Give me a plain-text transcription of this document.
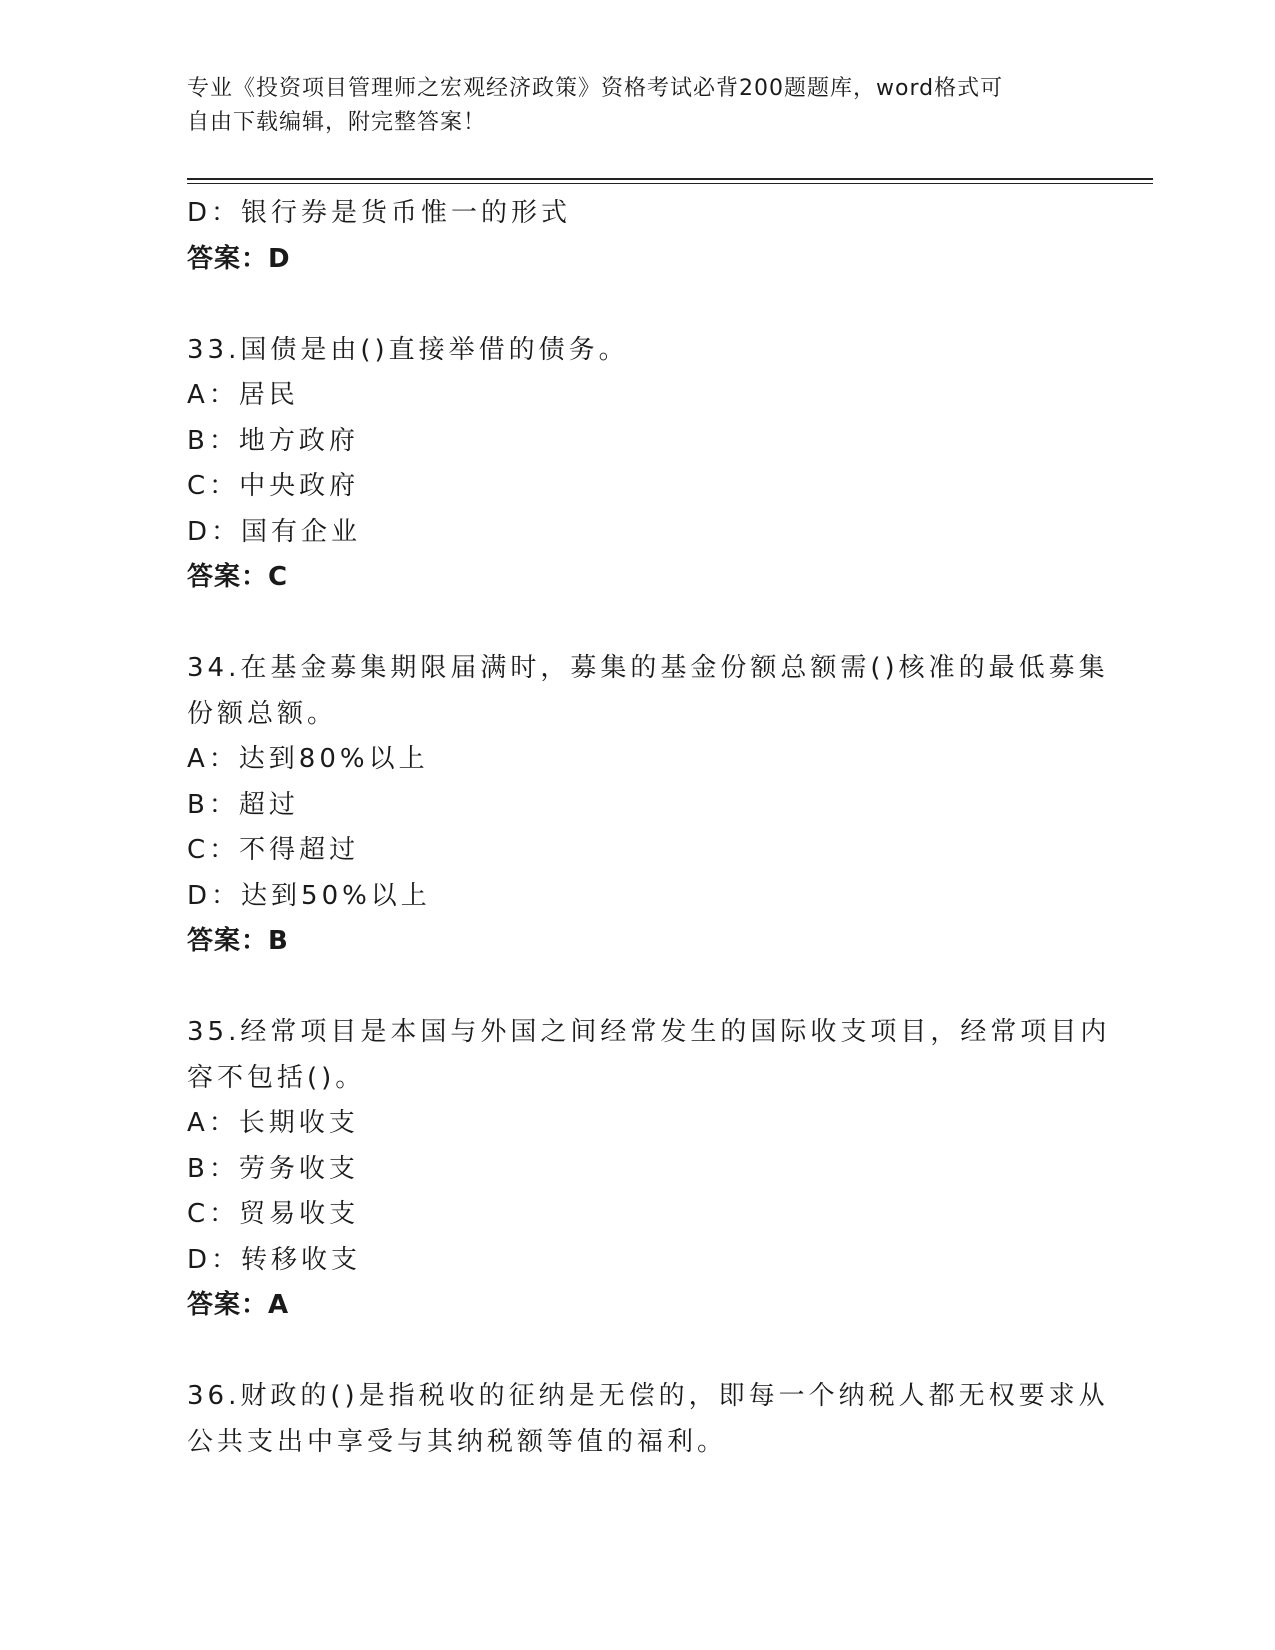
专业《投资项目管理师之宏观经济政策》资格考试必背200题题库，word格式可
自由下载编辑，附完整答案！
D：银行券是货币惟一的形式
答案：D
33.国债是由()直接举借的债务。
A：居民
B：地方政府
C：中央政府
D：国有企业
答案：C
34.在基金募集期限届满时，募集的基金份额总额需()核准的最低募集
份额总额。
A：达到80%以上
B：超过
C：不得超过
D：达到50%以上
答案：B
35.经常项目是本国与外国之间经常发生的国际收支项目，经常项目内
容不包括()。
A：长期收支
B：劳务收支
C：贸易收支
D：转移收支
答案：A
36.财政的()是指税收的征纳是无偿的，即每一个纳税人都无权要求从
公共支出中享受与其纳税额等值的福利。
